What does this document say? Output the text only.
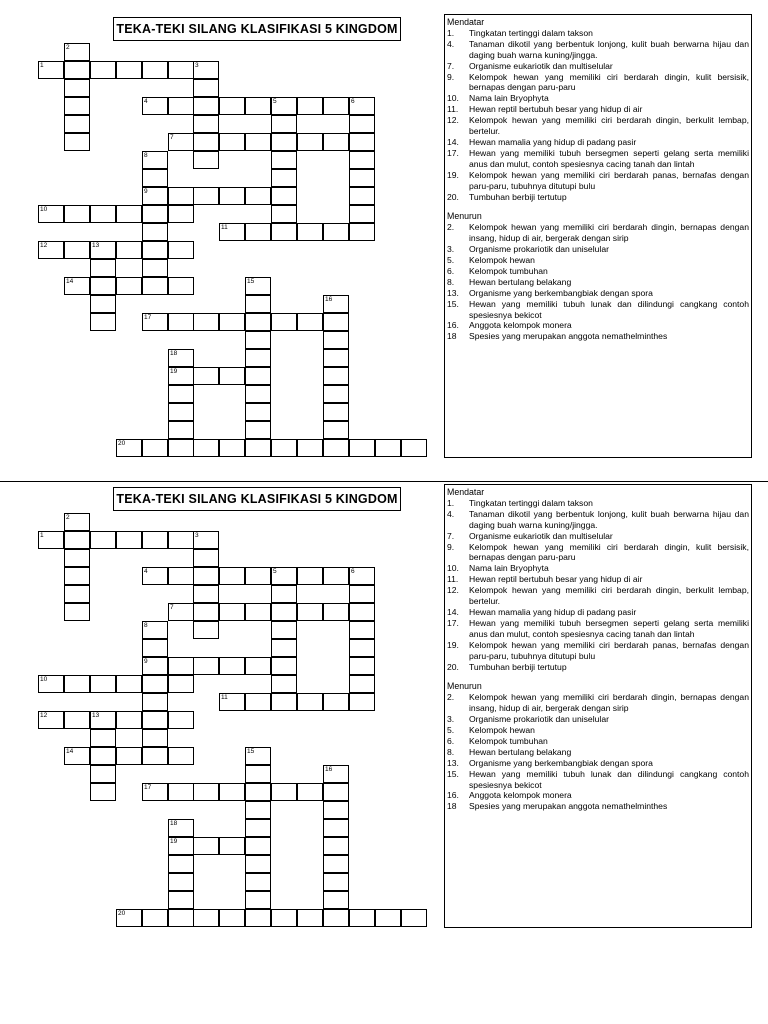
TEKA-TEKI SILANG KLASIFIKASI 5 KINGDOM
1	3
2
4	5	6
7
8
9
10
11
12	13
14	15
16
17
18
19
20
Mendatar
1.	Tingkatan tertinggi dalam takson
4.	Tanaman dikotil yang berbentuk lonjong, kulit buah berwarna hijau dan daging buah warna kuning/jingga.
7.	Organisme eukariotik dan multiselular
9.	Kelompok hewan yang memiliki ciri berdarah dingin, kulit bersisik, bernapas dengan paru-paru
10.	Nama lain Bryophyta
11.	Hewan reptil bertubuh besar yang hidup di air
12.	Kelompok hewan yang memiliki ciri berdarah dingin, berkulit lembap, bertelur.
14.	Hewan mamalia yang hidup di padang pasir
17.	Hewan yang memiliki tubuh bersegmen seperti gelang serta memiliki anus dan mulut, contoh spesiesnya cacing tanah dan lintah
19.	Kelompok hewan yang memiliki ciri berdarah panas, bernafas dengan paru-paru, tubuhnya ditutupi bulu
20.	Tumbuhan berbiji tertutup
Menurun
2.	Kelompok hewan yang memiliki ciri berdarah dingin, bernapas dengan insang, hidup di air, bergerak dengan sirip
3.	Organisme prokariotik dan uniselular
5.	Kelompok hewan
6.	Kelompok tumbuhan
8.	Hewan bertulang belakang
13.	Organisme yang berkembangbiak dengan spora
15.	Hewan yang memiliki tubuh lunak dan dilindungi cangkang contoh spesiesnya bekicot
16.	Anggota kelompok monera
18	Spesies yang merupakan anggota nemathelminthes
TEKA-TEKI SILANG KLASIFIKASI 5 KINGDOM
1	3
2
4	5	6
7
8
9
10
11
12	13
14	15
16
17
18
19
20
Mendatar
1.	Tingkatan tertinggi dalam takson
4.	Tanaman dikotil yang berbentuk lonjong, kulit buah berwarna hijau dan daging buah warna kuning/jingga.
7.	Organisme eukariotik dan multiselular
9.	Kelompok hewan yang memiliki ciri berdarah dingin, kulit bersisik, bernapas dengan paru-paru
10.	Nama lain Bryophyta
11.	Hewan reptil bertubuh besar yang hidup di air
12.	Kelompok hewan yang memiliki ciri berdarah dingin, berkulit lembap, bertelur.
14.	Hewan mamalia yang hidup di padang pasir
17.	Hewan yang memiliki tubuh bersegmen seperti gelang serta memiliki anus dan mulut, contoh spesiesnya cacing tanah dan lintah
19.	Kelompok hewan yang memiliki ciri berdarah panas, bernafas dengan paru-paru, tubuhnya ditutupi bulu
20.	Tumbuhan berbiji tertutup
Menurun
2.	Kelompok hewan yang memiliki ciri berdarah dingin, bernapas dengan insang, hidup di air, bergerak dengan sirip
3.	Organisme prokariotik dan uniselular
5.	Kelompok hewan
6.	Kelompok tumbuhan
8.	Hewan bertulang belakang
13.	Organisme yang berkembangbiak dengan spora
15.	Hewan yang memiliki tubuh lunak dan dilindungi cangkang contoh spesiesnya bekicot
16.	Anggota kelompok monera
18	Spesies yang merupakan anggota nemathelminthes
